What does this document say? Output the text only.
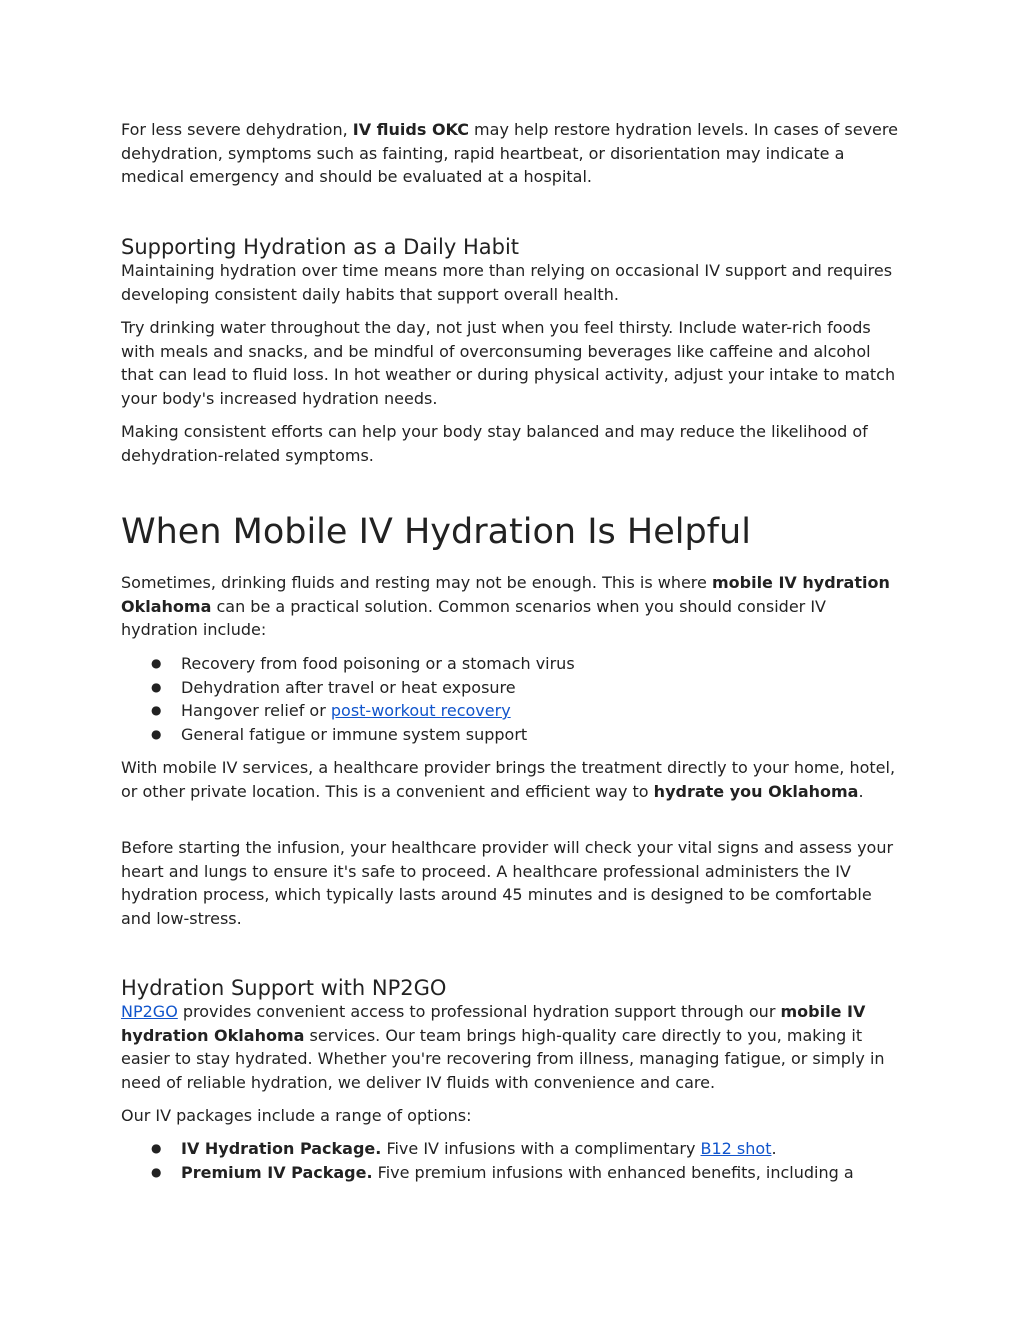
For less severe dehydration, IV fluids OKC may help restore hydration levels. In cases of severe dehydration, symptoms such as fainting, rapid heartbeat, or disorientation may indicate a medical emergency and should be evaluated at a hospital.

Supporting Hydration as a Daily Habit

Maintaining hydration over time means more than relying on occasional IV support and requires developing consistent daily habits that support overall health.

Try drinking water throughout the day, not just when you feel thirsty. Include water-rich foods with meals and snacks, and be mindful of overconsuming beverages like caffeine and alcohol that can lead to fluid loss. In hot weather or during physical activity, adjust your intake to match your body's increased hydration needs.

Making consistent efforts can help your body stay balanced and may reduce the likelihood of dehydration-related symptoms.

When Mobile IV Hydration Is Helpful

Sometimes, drinking fluids and resting may not be enough. This is where mobile IV hydration Oklahoma can be a practical solution. Common scenarios when you should consider IV hydration include:

● Recovery from food poisoning or a stomach virus
● Dehydration after travel or heat exposure
● Hangover relief or post-workout recovery
● General fatigue or immune system support

With mobile IV services, a healthcare provider brings the treatment directly to your home, hotel, or other private location. This is a convenient and efficient way to hydrate you Oklahoma.

Before starting the infusion, your healthcare provider will check your vital signs and assess your heart and lungs to ensure it's safe to proceed. A healthcare professional administers the IV hydration process, which typically lasts around 45 minutes and is designed to be comfortable and low-stress.

Hydration Support with NP2GO

NP2GO provides convenient access to professional hydration support through our mobile IV hydration Oklahoma services. Our team brings high-quality care directly to you, making it easier to stay hydrated. Whether you're recovering from illness, managing fatigue, or simply in need of reliable hydration, we deliver IV fluids with convenience and care.

Our IV packages include a range of options:

● IV Hydration Package. Five IV infusions with a complimentary B12 shot.
● Premium IV Package. Five premium infusions with enhanced benefits, including a
